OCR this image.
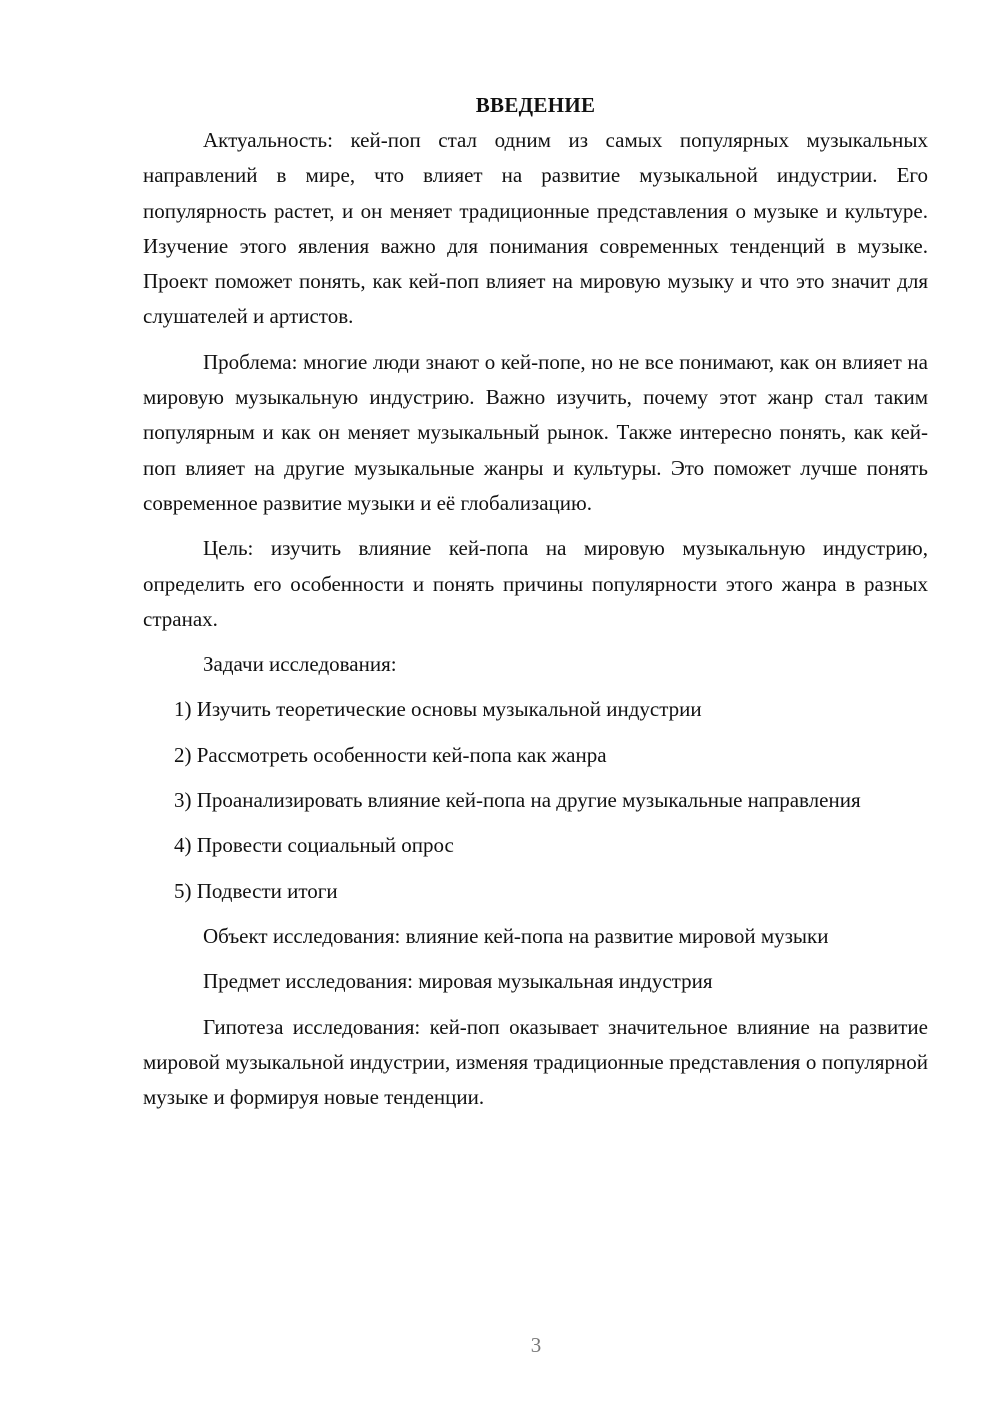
ВВЕДЕНИЕ

Актуальность: кей-поп стал одним из самых популярных музыкальных направлений в мире, что влияет на развитие музыкальной индустрии. Его популярность растет, и он меняет традиционные представления о музыке и культуре. Изучение этого явления важно для понимания современных тенденций в музыке. Проект поможет понять, как кей-поп влияет на мировую музыку и что это значит для слушателей и артистов.

Проблема: многие люди знают о кей-попе, но не все понимают, как он влияет на мировую музыкальную индустрию. Важно изучить, почему этот жанр стал таким популярным и как он меняет музыкальный рынок. Также интересно понять, как кей-поп влияет на другие музыкальные жанры и культуры. Это поможет лучше понять современное развитие музыки и её глобализацию.

Цель: изучить влияние кей-попа на мировую музыкальную индустрию, определить его особенности и понять причины популярности этого жанра в разных странах.

Задачи исследования:

1) Изучить теоретические основы музыкальной индустрии

2) Рассмотреть особенности кей-попа как жанра

3) Проанализировать влияние кей-попа на другие музыкальные направления

4) Провести социальный опрос

5) Подвести итоги

Объект исследования: влияние кей-попа на развитие мировой музыки

Предмет исследования: мировая музыкальная индустрия

Гипотеза исследования: кей-поп оказывает значительное влияние на развитие мировой музыкальной индустрии, изменяя традиционные представления о популярной музыке и формируя новые тенденции.

3
